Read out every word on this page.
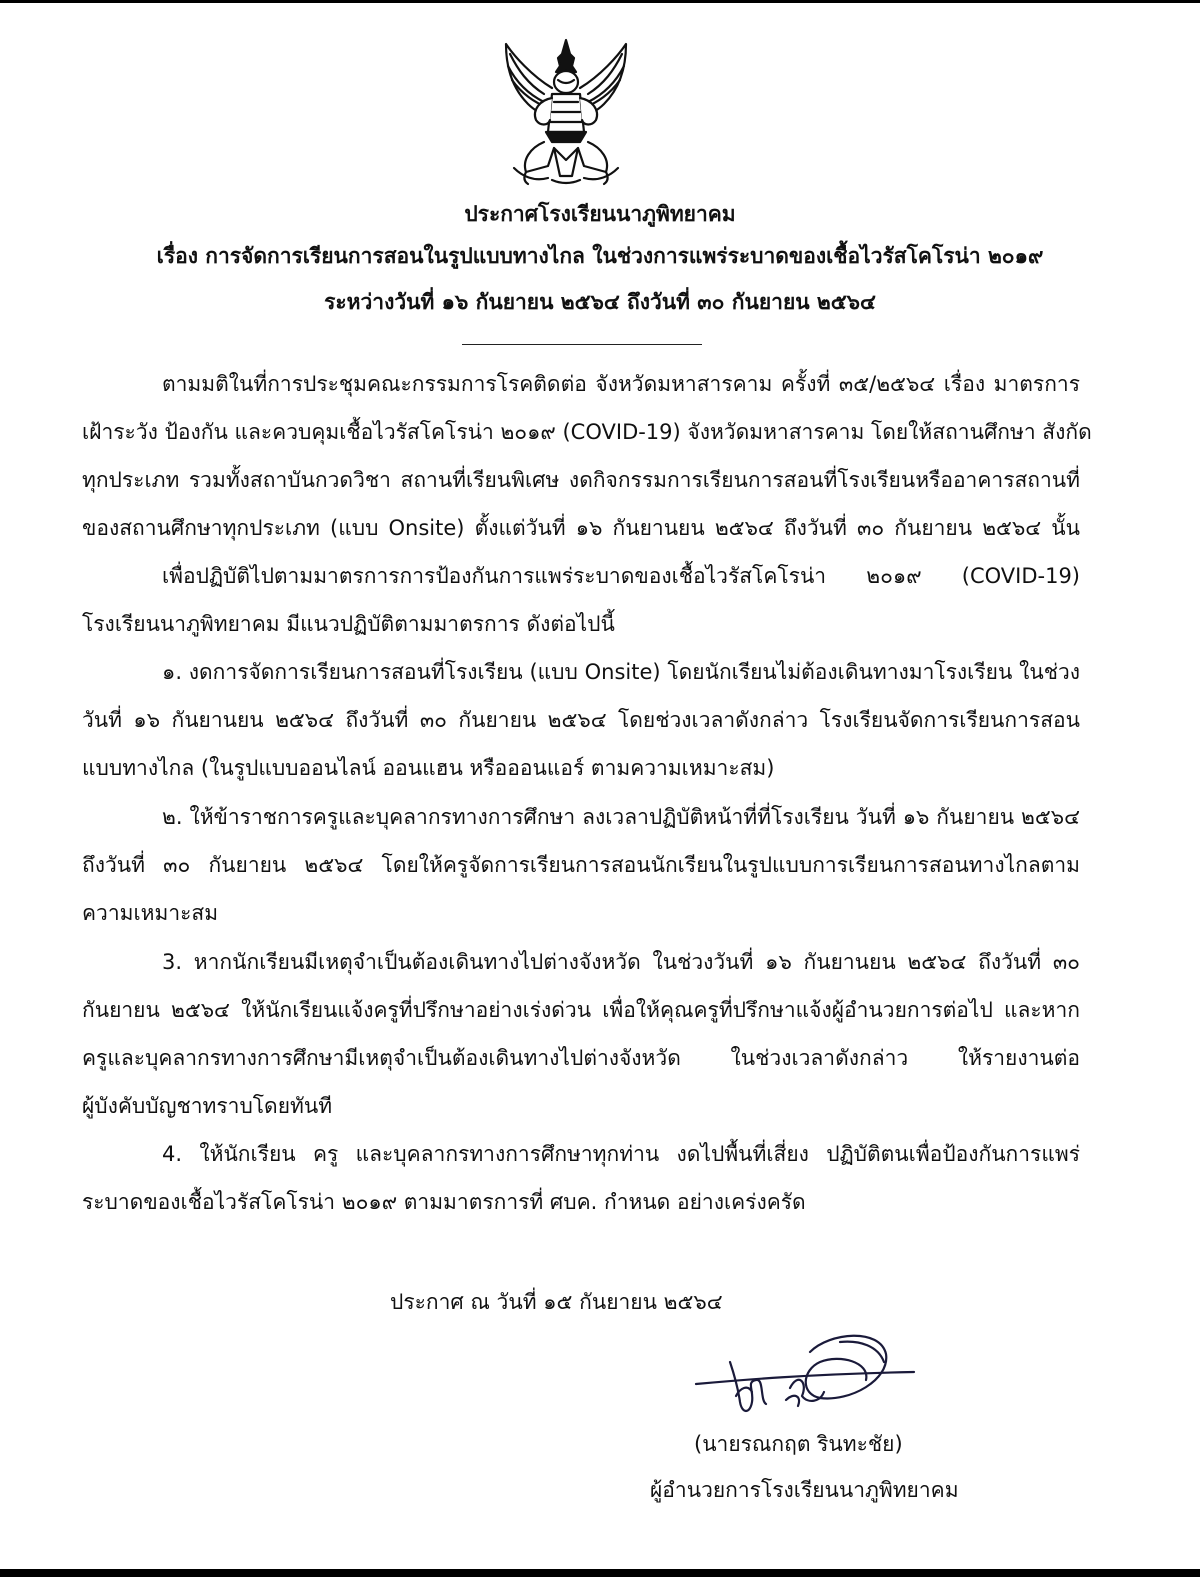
ประกาศโรงเรียนนาภูพิทยาคม
เรื่อง การจัดการเรียนการสอนในรูปแบบทางไกล ในช่วงการแพร่ระบาดของเชื้อไวรัสโคโรน่า ๒๐๑๙
ระหว่างวันที่ ๑๖ กันยายน ๒๕๖๔ ถึงวันที่ ๓๐ กันยายน ๒๕๖๔
ตามมติในที่การประชุมคณะกรรมการโรคติดต่อ จังหวัดมหาสารคาม ครั้งที่ ๓๕/๒๕๖๔ เรื่อง มาตรการ
เฝ้าระวัง ป้องกัน และควบคุมเชื้อไวรัสโคโรน่า ๒๐๑๙ (COVID-19) จังหวัดมหาสารคาม โดยให้สถานศึกษา สังกัด
ทุกประเภท รวมทั้งสถาบันกวดวิชา สถานที่เรียนพิเศษ งดกิจกรรมการเรียนการสอนที่โรงเรียนหรืออาคารสถานที่
ของสถานศึกษาทุกประเภท (แบบ Onsite) ตั้งแต่วันที่ ๑๖ กันยานยน ๒๕๖๔ ถึงวันที่ ๓๐ กันยายน ๒๕๖๔ นั้น
เพื่อปฏิบัติไปตามมาตรการการป้องกันการแพร่ระบาดของเชื้อไวรัสโคโรน่า ๒๐๑๙ (COVID-19)
โรงเรียนนาภูพิทยาคม มีแนวปฏิบัติตามมาตรการ ดังต่อไปนี้
๑. งดการจัดการเรียนการสอนที่โรงเรียน (แบบ Onsite) โดยนักเรียนไม่ต้องเดินทางมาโรงเรียน ในช่วง
วันที่ ๑๖ กันยานยน ๒๕๖๔ ถึงวันที่ ๓๐ กันยายน ๒๕๖๔ โดยช่วงเวลาดังกล่าว โรงเรียนจัดการเรียนการสอน
แบบทางไกล (ในรูปแบบออนไลน์ ออนแฮน หรือออนแอร์ ตามความเหมาะสม)
๒. ให้ข้าราชการครูและบุคลากรทางการศึกษา ลงเวลาปฏิบัติหน้าที่ที่โรงเรียน วันที่ ๑๖ กันยายน ๒๕๖๔
ถึงวันที่ ๓๐ กันยายน ๒๕๖๔ โดยให้ครูจัดการเรียนการสอนนักเรียนในรูปแบบการเรียนการสอนทางไกลตาม
ความเหมาะสม
3. หากนักเรียนมีเหตุจำเป็นต้องเดินทางไปต่างจังหวัด ในช่วงวันที่ ๑๖ กันยานยน ๒๕๖๔ ถึงวันที่ ๓๐
กันยายน ๒๕๖๔ ให้นักเรียนแจ้งครูที่ปรึกษาอย่างเร่งด่วน เพื่อให้คุณครูที่ปรึกษาแจ้งผู้อำนวยการต่อไป และหาก
ครูและบุคลากรทางการศึกษามีเหตุจำเป็นต้องเดินทางไปต่างจังหวัด ในช่วงเวลาดังกล่าว ให้รายงานต่อ
ผู้บังคับบัญชาทราบโดยทันที
4. ให้นักเรียน ครู และบุคลากรทางการศึกษาทุกท่าน งดไปพื้นที่เสี่ยง ปฏิบัติตนเพื่อป้องกันการแพร่
ระบาดของเชื้อไวรัสโคโรน่า ๒๐๑๙ ตามมาตรการที่ ศบค. กำหนด อย่างเคร่งครัด
ประกาศ ณ วันที่ ๑๕ กันยายน ๒๕๖๔
(นายรณกฤต รินทะชัย)
ผู้อำนวยการโรงเรียนนาภูพิทยาคม
